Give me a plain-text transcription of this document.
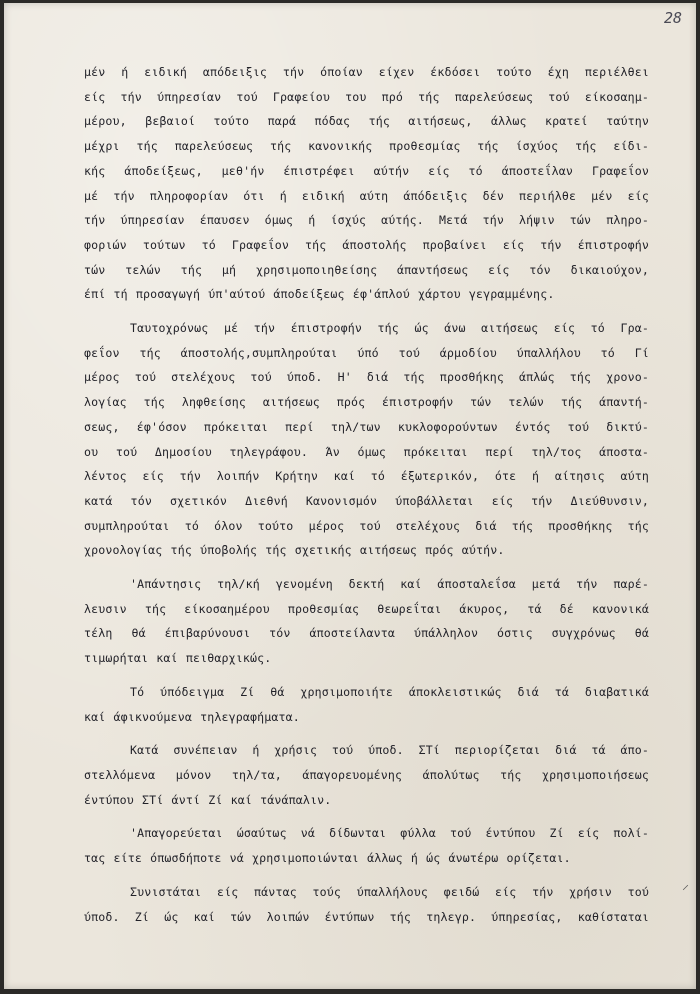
28
μέν ή ειδική απόδειξις τήν όποίαν είχεν έκδόσει τούτο έχη περιέλθει
είς τήν ύπηρεσίαν τού Γραφείου του πρό τής παρελεύσεως τού είκοσαημ-
μέρου, βεβαιοί τούτο παρά πόδας τής αιτήσεως, άλλως κρατεί ταύτην
μέχρι τής παρελεύσεως τής κανονικής προθεσμίας τής ίσχύος τής είδι-
κής άποδείξεως, μεθ'ήν έπιστρέφει αύτήν είς τό άποστεΐλαν Γραφεΐον
μέ τήν πληροφορίαν ότι ή ειδική αύτη άπόδειξις δέν περιήλθε μέν είς
τήν ύπηρεσίαν έπαυσεν όμως ή ίσχύς αύτής. Μετά τήν λήψιν τών πληρο-
φοριών τούτων τό Γραφεΐον τής άποστολής προβαίνει είς τήν έπιστροφήν
τών τελών τής μή χρησιμοποιηθείσης άπαντήσεως είς τόν δικαιούχον,
έπί τή προσαγωγή ύπ'αύτού άποδείξεως έφ'άπλού χάρτου γεγραμμένης.
Ταυτοχρόνως μέ τήν έπιστροφήν τής ώς άνω αιτήσεως είς τό Γρα-
φεΐον τής άποστολής,συμπληρούται ύπό τού άρμοδίου ύπαλλήλου τό Γί
μέρος τού στελέχους τού ύποδ. Η' διά τής προσθήκης άπλώς τής χρονο-
λογίας τής ληφθείσης αιτήσεως πρός έπιστροφήν τών τελών τής άπαντή-
σεως, έφ'όσον πρόκειται περί τηλ/των κυκλοφορούντων έντός τού δικτύ-
ου τού Δημοσίου τηλεγράφου. Άν όμως πρόκειται περί τηλ/τος άποστα-
λέντος είς τήν λοιπήν Κρήτην καί τό έξωτερικόν, ότε ή αίτησις αύτη
κατά τόν σχετικόν Διεθνή Κανονισμόν ύποβάλλεται είς τήν Διεύθυνσιν,
συμπληρούται τό όλον τούτο μέρος τού στελέχους διά τής προσθήκης τής
χρονολογίας τής ύποβολής τής σχετικής αιτήσεως πρός αύτήν.
'Απάντησις τηλ/κή γενομένη δεκτή καί άποσταλεΐσα μετά τήν παρέ-
λευσιν τής είκοσαημέρου προθεσμίας θεωρεΐται άκυρος, τά δέ κανονικά
τέλη θά έπιβαρύνουσι τόν άποστείλαντα ύπάλληλον όστις συγχρόνως θά
τιμωρήται καί πειθαρχικώς.
Τό ύπόδειγμα Ζί θά χρησιμοποιήτε άποκλειστικώς διά τά διαβατικά
καί άφικνούμενα τηλεγραφήματα.
Κατά συνέπειαν ή χρήσις τού ύποδ. ΣΤί περιορίζεται διά τά άπο-
στελλόμενα μόνον τηλ/τα, άπαγορευομένης άπολύτως τής χρησιμοποιήσεως
έντύπου ΣΤί άντί Ζί καί τάνάπαλιν.
'Απαγορεύεται ώσαύτως νά δίδωνται φύλλα τού έντύπου Ζί είς πολί-
τας είτε όπωσδήποτε νά χρησιμοποιώνται άλλως ή ώς άνωτέρω ορίζεται.
Συνιστάται είς πάντας τούς ύπαλλήλους φειδώ είς τήν χρήσιν τού
ύποδ. Ζί ώς καί τών λοιπών έντύπων τής τηλεγρ. ύπηρεσίας, καθίσταται
⸝
